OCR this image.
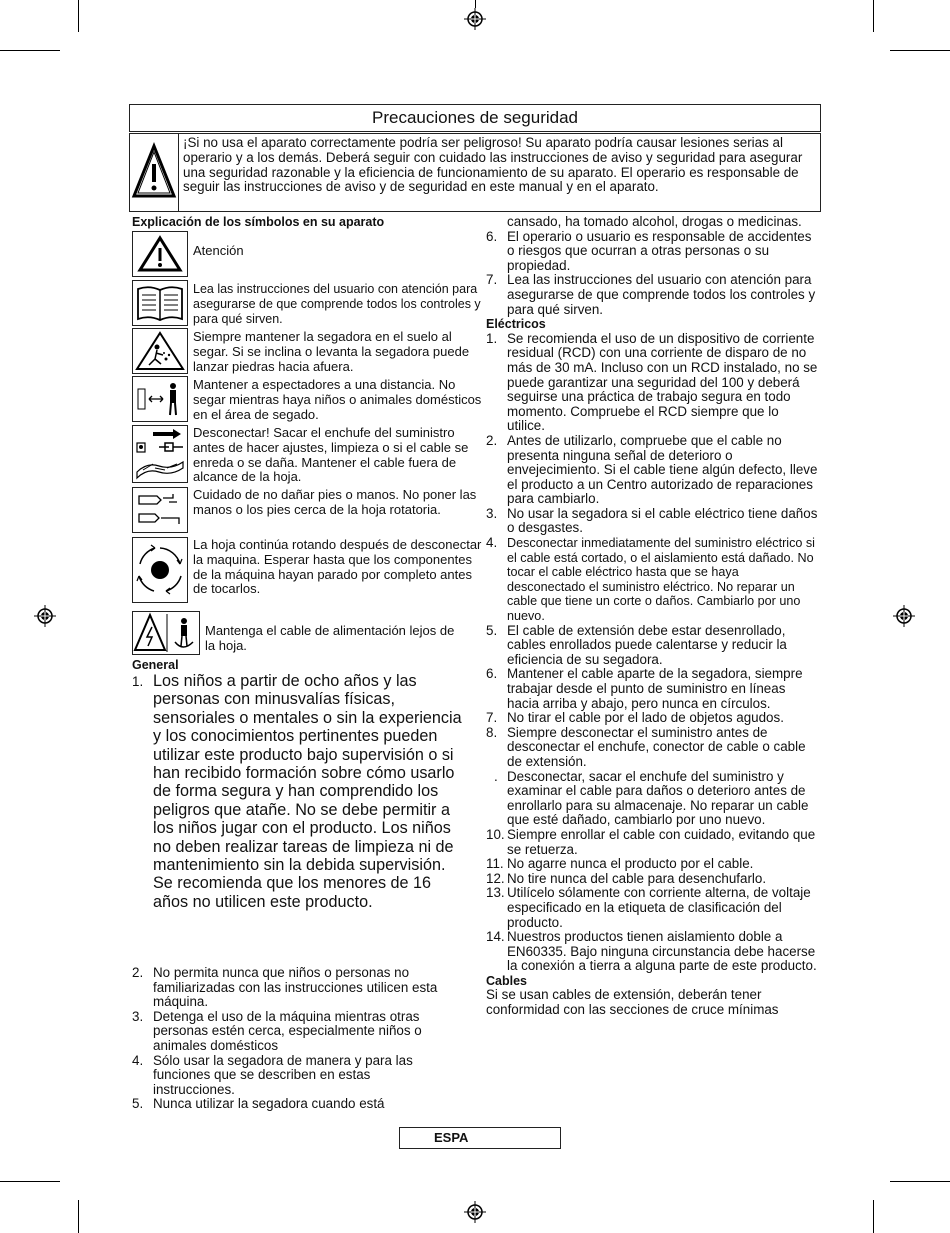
Precauciones de seguridad
¡Si no usa el aparato correctamente podría ser peligroso! Su aparato podría causar lesiones serias al operario y a los demás. Deberá seguir con cuidado las instrucciones de aviso y seguridad para asegurar una seguridad razonable y la eficiencia de funcionamiento de su aparato. El operario es responsable de seguir las instrucciones de aviso y de seguridad en este manual y en el aparato.
Explicación de los símbolos en su aparato
Atención
Lea las instrucciones del usuario con atención para asegurarse de que comprende todos los controles y para qué sirven.
Siempre mantener la segadora en el suelo al segar. Si se inclina o levanta la segadora puede lanzar piedras hacia afuera.
Mantener a espectadores a una distancia. No segar mientras haya niños o animales domésticos en el área de segado.
Desconectar! Sacar el enchufe del suministro antes de hacer ajustes, limpieza o si el cable se enreda o se daña. Mantener el cable fuera de alcance de la hoja.
Cuidado de no dañar pies o manos. No poner las manos o los pies cerca de la hoja rotatoria.
La hoja continúa rotando después de desconectar la maquina. Esperar hasta que los componentes de la máquina hayan parado por completo antes de tocarlos.
Mantenga el cable de alimentación lejos de la hoja.
General
1. Los niños a partir de ocho años y las personas con minusvalías físicas, sensoriales o mentales o sin la experiencia y los conocimientos pertinentes pueden utilizar este producto bajo supervisión o si han recibido formación sobre cómo usarlo de forma segura y han comprendido los peligros que atañe. No se debe permitir a los niños jugar con el producto. Los niños no deben realizar tareas de limpieza ni de mantenimiento sin la debida supervisión.
Se recomienda que los menores de 16 años no utilicen este producto.
2. No permita nunca que niños o personas no familiarizadas con las instrucciones utilicen esta máquina.
3. Detenga el uso de la máquina mientras otras personas estén cerca, especialmente niños o animales domésticos
4. Sólo usar la segadora de manera y para las funciones que se describen en estas instrucciones.
5. Nunca utilizar la segadora cuando está
cansado, ha tomado alcohol, drogas o medicinas.
6. El operario o usuario es responsable de accidentes o riesgos que ocurran a otras personas o su propiedad.
7. Lea las instrucciones del usuario con atención para asegurarse de que comprende todos los controles y para qué sirven.
Eléctricos
1. Se recomienda el uso de un dispositivo de corriente residual (RCD) con una corriente de disparo de no más de 30 mA. Incluso con un RCD instalado, no se puede garantizar una seguridad del 100 y deberá seguirse una práctica de trabajo segura en todo momento. Compruebe el RCD siempre que lo utilice.
2. Antes de utilizarlo, compruebe que el cable no presenta ninguna señal de deterioro o envejecimiento. Si el cable tiene algún defecto, lleve el producto a un Centro autorizado de reparaciones para cambiarlo.
3. No usar la segadora si el cable eléctrico tiene daños o desgastes.
4. Desconectar inmediatamente del suministro eléctrico si el cable está cortado, o el aislamiento está dañado. No tocar el cable eléctrico hasta que se haya desconectado el suministro eléctrico. No reparar un cable que tiene un corte o daños. Cambiarlo por uno nuevo.
5. El cable de extensión debe estar desenrollado, cables enrollados puede calentarse y reducir la eficiencia de su segadora.
6. Mantener el cable aparte de la segadora, siempre trabajar desde el punto de suministro en líneas hacia arriba y abajo, pero nunca en círculos.
7. No tirar el cable por el lado de objetos agudos.
8. Siempre desconectar el suministro antes de desconectar el enchufe, conector de cable o cable de extensión.
. Desconectar, sacar el enchufe del suministro y examinar el cable para daños o deterioro antes de enrollarlo para su almacenaje. No reparar un cable que esté dañado, cambiarlo por uno nuevo.
10. Siempre enrollar el cable con cuidado, evitando que se retuerza.
11. No agarre nunca el producto por el cable.
12. No tire nunca del cable para desenchufarlo.
13. Utilícelo sólamente con corriente alterna, de voltaje especificado en la etiqueta de clasificación del producto.
14. Nuestros productos tienen aislamiento doble a EN60335. Bajo ninguna circunstancia debe hacerse la conexión a tierra a alguna parte de este producto.
Cables
Si se usan cables de extensión, deberán tener conformidad con las secciones de cruce mínimas
ESPA
